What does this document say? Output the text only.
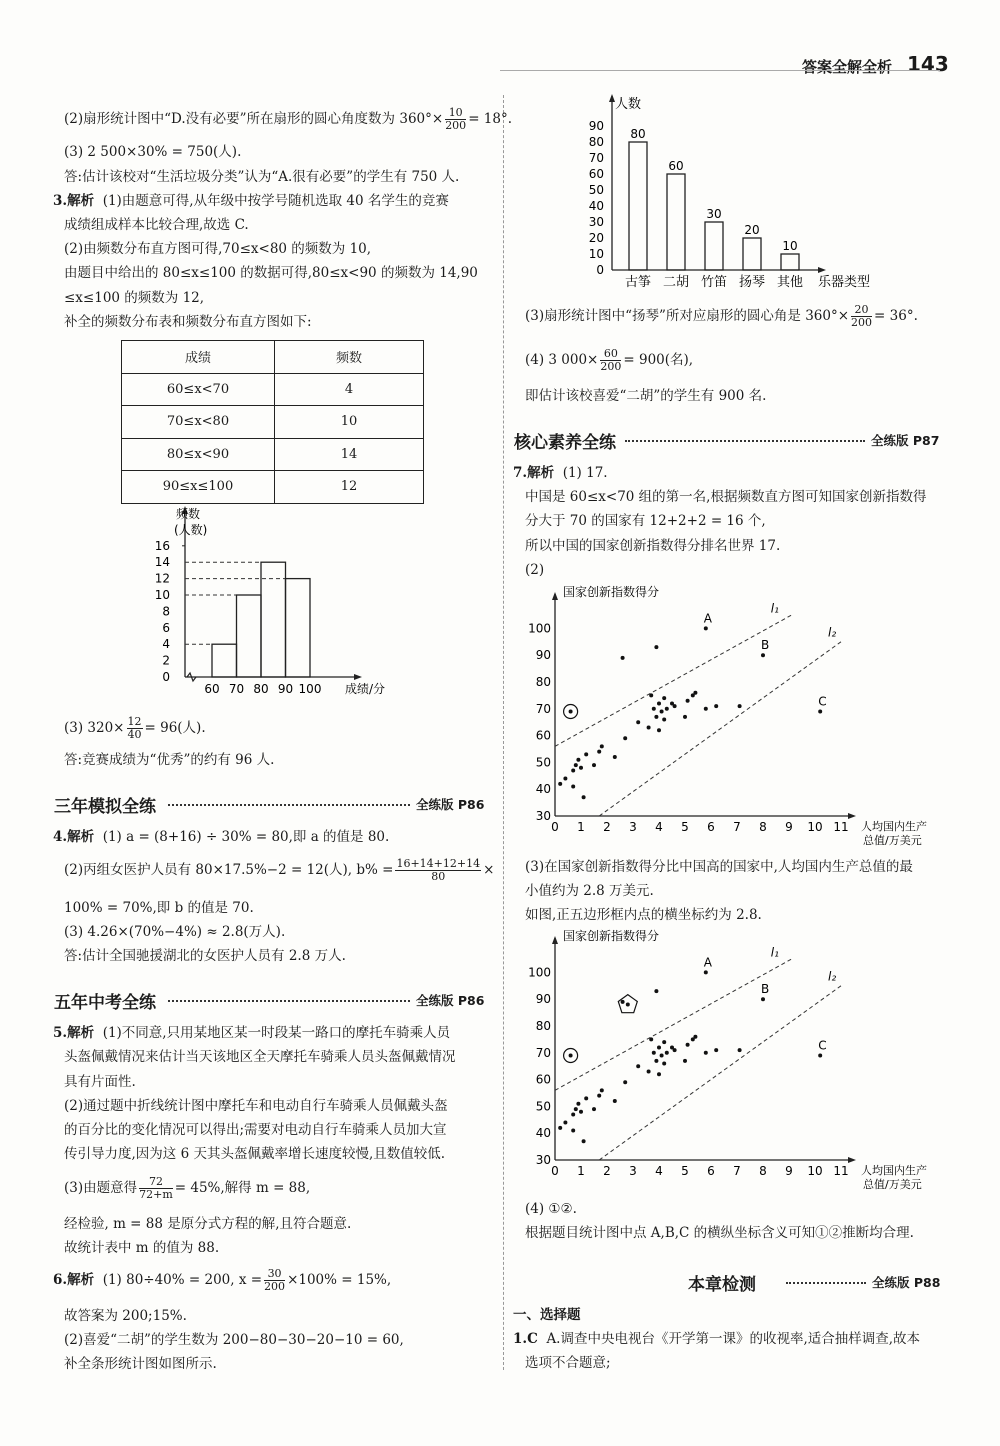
答案全解全析 143
(2)扇形统计图中“D.没有必要”所在扇形的圆心角度数为 $360^\circ\times \frac{10}{200} = 18^\circ$.
(3) 2 500×30% = 750(人).
答:估计该校对“生活垃圾分类”认为“A.很有必要”的学生有 750 人.
3.解析 (1)由题意可得,从年级中按学号随机选取 40 名学生的竞赛
成绩组成样本比较合理,故选 C.
(2)由频数分布直方图可得,70≤x<80 的频数为 10,
由题目中给出的 80≤x≤100 的数据可得,80≤x<90 的频数为 14,90
≤x≤100 的频数为 12,
补全的频数分布表和频数分布直方图如下:
成绩	频数
60≤x<70	4
70≤x<80	10
80≤x<90	14
90≤x≤100	12
频数
(人数)
成绩/分
0
2
4
6
8
10
12
14
16
60 70 80 90 100
(3) $320\times \frac{12}{40} = 96$(人).
答:竞赛成绩为“优秀”的约有 96 人.
三年模拟全练	全练版 P86
4.解析 (1) a = (8+16) ÷ 30% = 80,即 a 的值是 80.
(2)丙组女医护人员有 80×17.5%−2 = 12(人), $b\% = \frac{16+14+12+14}{80}$ ×
100% = 70%,即 b 的值是 70.
(3) 4.26×(70%−4%) ≈ 2.8(万人).
答:估计全国驰援湖北的女医护人员有 2.8 万人.
五年中考全练	全练版 P86
5.解析 (1)不同意,只用某地区某一时段某一路口的摩托车骑乘人员
头盔佩戴情况来估计当天该地区全天摩托车骑乘人员头盔佩戴情况
具有片面性.
(2)通过题中折线统计图中摩托车和电动自行车骑乘人员佩戴头盔
的百分比的变化情况可以得出;需要对电动自行车骑乘人员加大宣
传引导力度,因为这 6 天其头盔佩戴率增长速度较慢,且数值较低.
(3)由题意得 $\frac{72}{72+m} = 45\%$,解得 m = 88,
经检验, m = 88 是原分式方程的解,且符合题意.
故统计表中 m 的值为 88.
6.解析 (1) 80÷40% = 200, $x = \frac{30}{200} \times 100\% = 15\%$,
故答案为 200;15%.
(2)喜爱“二胡”的学生数为 200−80−30−20−10 = 60,
补全条形统计图如图所示.
人数
乐器类型
0
10
20
30
40
50
60
70
80
90
80
古筝
60
二胡
30
竹笛
20
扬琴
10
其他
(3)扇形统计图中“扬琴”所对应扇形的圆心角是 $360^\circ\times \frac{20}{200} = 36^\circ$.
(4) 3 $000\times \frac{60}{200} = 900$(名),
即估计该校喜爱“二胡”的学生有 900 名.
核心素养全练	全练版 P87
7.解析 (1) 17.
中国是 60≤x<70 组的第一名,根据频数直方图可知国家创新指数得
分大于 70 的国家有 12+2+2 = 16 个,
所以中国的国家创新指数得分排名世界 17.
(2)
国家创新指数得分
人均国内生产
总值/万美元
30
40
50
60
70
80
90
100
0 1 2 3 4 5 6 7 8 9 10 11
l₁
l₂
A
B
C
(3)在国家创新指数得分比中国高的国家中,人均国内生产总值的最
小值约为 2.8 万美元.
如图,正五边形框内点的横坐标约为 2.8.
国家创新指数得分
人均国内生产
总值/万美元
30
40
50
60
70
80
90
100
0 1 2 3 4 5 6 7 8 9 10 11
l₁
l₂
A
B
C
(4) ①②.
根据题目统计图中点 A,B,C 的横纵坐标含义可知①②推断均合理.
本章检测	全练版 P88
一、选择题
1.C A.调查中央电视台《开学第一课》的收视率,适合抽样调查,故本
选项不合题意;
